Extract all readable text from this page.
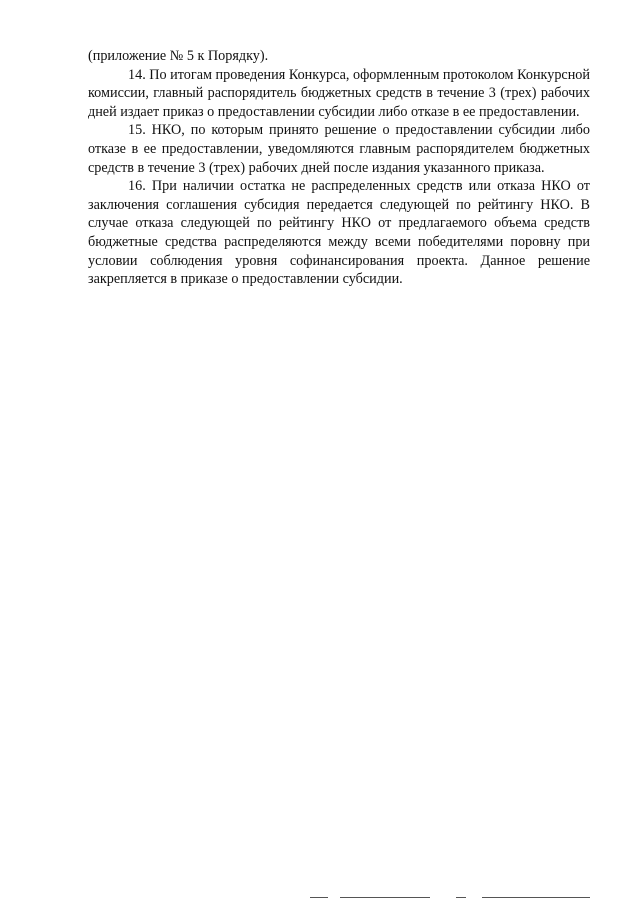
(приложение № 5 к Порядку).

14. По итогам проведения Конкурса, оформленным протоколом Конкурсной комиссии, главный распорядитель бюджетных средств в течение 3 (трех) рабочих дней издает приказ о предоставлении субсидии либо отказе в ее предоставлении.

15. НКО, по которым принято решение о предоставлении субсидии либо отказе в ее предоставлении, уведомляются главным распорядителем бюджетных средств в течение 3 (трех) рабочих дней после издания указанного приказа.

16. При наличии остатка не распределенных средств или отказа НКО от заключения соглашения субсидия передается следующей по рейтингу НКО. В случае отказа следующей по рейтингу НКО от предлагаемого объема средств бюджетные средства распределяются между всеми победителями поровну при условии соблюдения уровня софинансирования проекта. Данное решение закрепляется в приказе о предоставлении субсидии.
